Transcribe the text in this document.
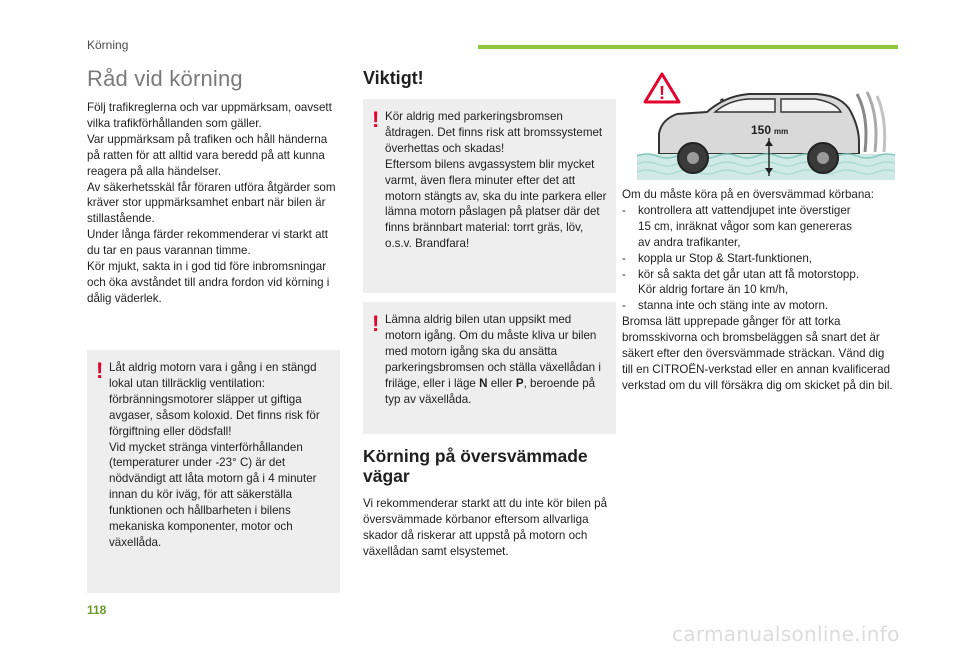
Körning
Råd vid körning

Följ trafikreglerna och var uppmärksam, oavsett vilka trafikförhållanden som gäller.

Var uppmärksam på trafiken och håll händerna på ratten för att alltid vara beredd på att kunna reagera på alla händelser.

Av säkerhetsskäl får föraren utföra åtgärder som kräver stor uppmärksamhet enbart när bilen är stillastående.

Under långa färder rekommenderar vi starkt att du tar en paus varannan timme.

Kör mjukt, sakta in i god tid före inbromsningar och öka avståndet till andra fordon vid körning i dålig väderlek.

! Låt aldrig motorn vara i gång i en stängd lokal utan tillräcklig ventilation: förbränningsmotorer släpper ut giftiga avgaser, såsom koloxid. Det finns risk för förgiftning eller dödsfall!

Vid mycket stränga vinterförhållanden (temperaturer under -23° C) är det nödvändigt att låta motorn gå i 4 minuter innan du kör iväg, för att säkerställa funktionen och hållbarheten i bilens mekaniska komponenter, motor och växellåda.

Viktigt!
! Kör aldrig med parkeringsbromsen åtdragen. Det finns risk att bromssystemet överhettas och skadas!

Eftersom bilens avgassystem blir mycket varmt, även flera minuter efter det att motorn stängts av, ska du inte parkera eller lämna motorn påslagen på platser där det finns brännbart material: torrt gräs, löv, o.s.v. Brandfara!

! Lämna aldrig bilen utan uppsikt med motorn igång. Om du måste kliva ur bilen med motorn igång ska du ansätta parkeringsbromsen och ställa växellådan i friläge, eller i läge N eller P, beroende på typ av växellåda.

Körning på översvämmade vägar

Vi rekommenderar starkt att du inte kör bilen på översvämmade körbanor eftersom allvarliga skador då riskerar att uppstå på motorn och växellådan samt elsystemet.

!
150 mm

Om du måste köra på en översvämmad körbana:

-	kontrollera att vattendjupet inte överstiger
15 cm, inräknat vågor som kan genereras
av andra trafikanter,
-	koppla ur Stop & Start-funktionen,
-	kör så sakta det går utan att få motorstopp.
Kör aldrig fortare än 10 km/h,
-	stanna inte och stäng inte av motorn.

Bromsa lätt upprepade gånger för att torka bromsskivorna och bromsbeläggen så snart det är säkert efter den översvämmade sträckan. Vänd dig till en CITROËN-verkstad eller en annan kvalificerad verkstad om du vill försäkra dig om skicket på din bil.

118
carmanualsonline.info
